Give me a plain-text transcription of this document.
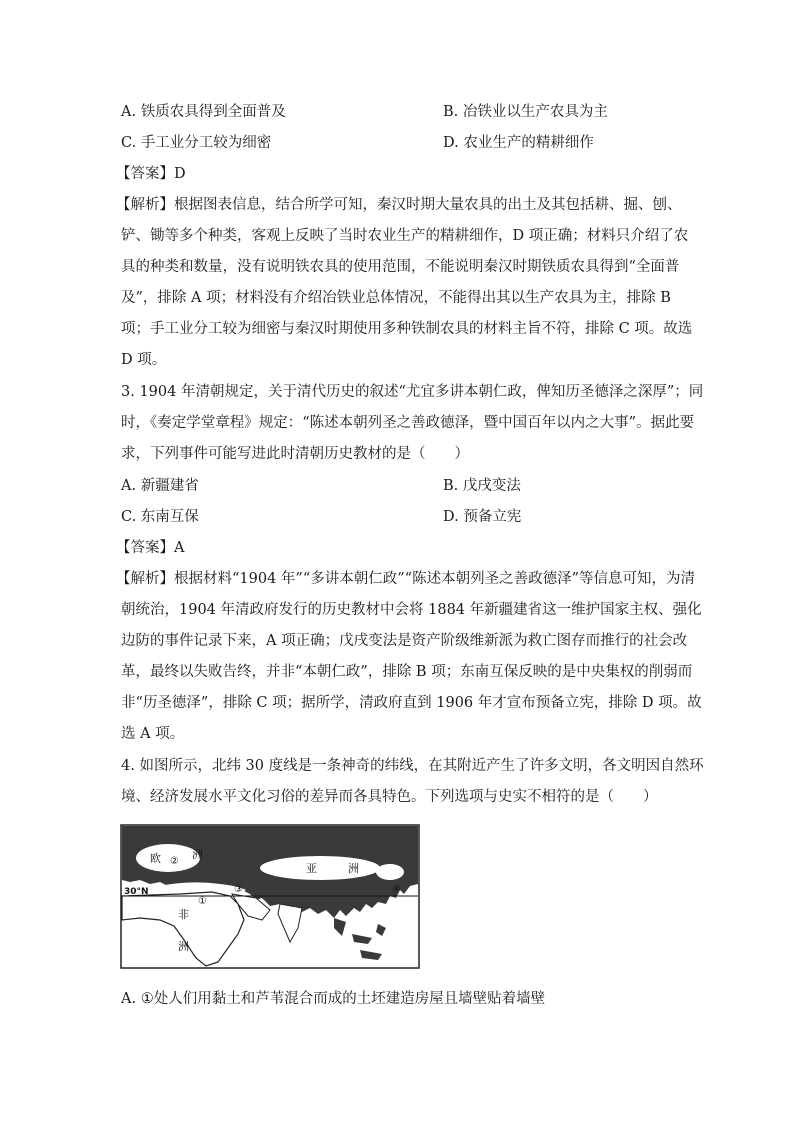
A. 铁质农具得到全面普及	B. 冶铁业以生产农具为主
C. 手工业分工较为细密	D. 农业生产的精耕细作
【答案】D
【解析】根据图表信息，结合所学可知，秦汉时期大量农具的出土及其包括耕、掘、刨、
铲、锄等多个种类，客观上反映了当时农业生产的精耕细作，D 项正确；材料只介绍了农
具的种类和数量，没有说明铁农具的使用范围，不能说明秦汉时期铁质农具得到“全面普
及”，排除 A 项；材料没有介绍冶铁业总体情况，不能得出其以生产农具为主，排除 B
项；手工业分工较为细密与秦汉时期使用多种铁制农具的材料主旨不符，排除 C 项。故选
D 项。
3. 1904 年清朝规定，关于清代历史的叙述“尤宜多讲本朝仁政，俾知历圣德泽之深厚”；同
时，《奏定学堂章程》规定：“陈述本朝列圣之善政德泽，暨中国百年以内之大事”。据此要
求，下列事件可能写进此时清朝历史教材的是（　　）
A. 新疆建省	B. 戊戌变法
C. 东南互保	D. 预备立宪
【答案】A
【解析】根据材料“1904 年”“多讲本朝仁政”“陈述本朝列圣之善政德泽”等信息可知，为清
朝统治，1904 年清政府发行的历史教材中会将 1884 年新疆建省这一维护国家主权、强化
边防的事件记录下来，A 项正确；戊戌变法是资产阶级维新派为救亡图存而推行的社会改
革，最终以失败告终，并非“本朝仁政”，排除 B 项；东南互保反映的是中央集权的削弱而
非“历圣德泽”，排除 C 项；据所学，清政府直到 1906 年才宣布预备立宪，排除 D 项。故
选 A 项。
4. 如图所示，北纬 30 度线是一条神奇的纬线，在其附近产生了许多文明，各文明因自然环
境、经济发展水平文化习俗的差异而各具特色。下列选项与史实不相符的是（　　）
欧	洲
亚	洲
非
洲
30°N
①
②
③	④
A. ①处人们用黏土和芦苇混合而成的土坯建造房屋且墙壁贴着墙壁
